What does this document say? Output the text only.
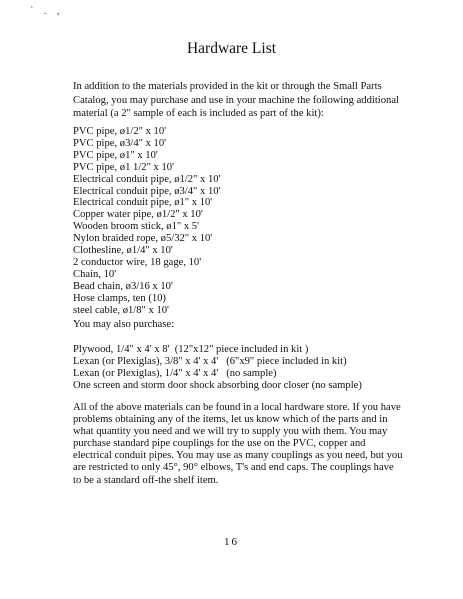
` . ,
Hardware List

In addition to the materials provided in the kit or through the Small Parts Catalog, you may purchase and use in your machine the following additional material (a 2" sample of each is included as part of the kit):

PVC pipe, ø1/2" x 10'
PVC pipe, ø3/4" x 10'
PVC pipe, ø1" x 10'
PVC pipe, ø1 1/2" x 10'
Electrical conduit pipe, ø1/2" x 10'
Electrical conduit pipe, ø3/4" x 10'
Electrical conduit pipe, ø1" x 10'
Copper water pipe, ø1/2" x 10'
Wooden broom stick, ø1" x 5'
Nylon braided rope, ø5/32" x 10'
Clothesline, ø1/4" x 10'
2 conductor wire, 18 gage, 10'
Chain, 10'
Bead chain, ø3/16 x 10'
Hose clamps, ten (10)
steel cable, ø1/8" x 10'
You may also purchase:
Plywood, 1/4" x 4' x 8'  (12"x12" piece included in kit )
Lexan (or Plexiglas), 3/8" x 4' x 4'   (6"x9" piece included in kit)
Lexan (or Plexiglas), 1/4" x 4' x 4'   (no sample)
One screen and storm door shock absorbing door closer (no sample)

All of the above materials can be found in a local hardware store. If you have problems obtaining any of the items, let us know which of the parts and in what quantity you need and we will try to supply you with them. You may purchase standard pipe couplings for the use on the PVC, copper and electrical conduit pipes. You may use as many couplings as you need, but you are restricted to only 45°, 90° elbows, T's and end caps. The couplings have to be a standard off-the shelf item.

16
